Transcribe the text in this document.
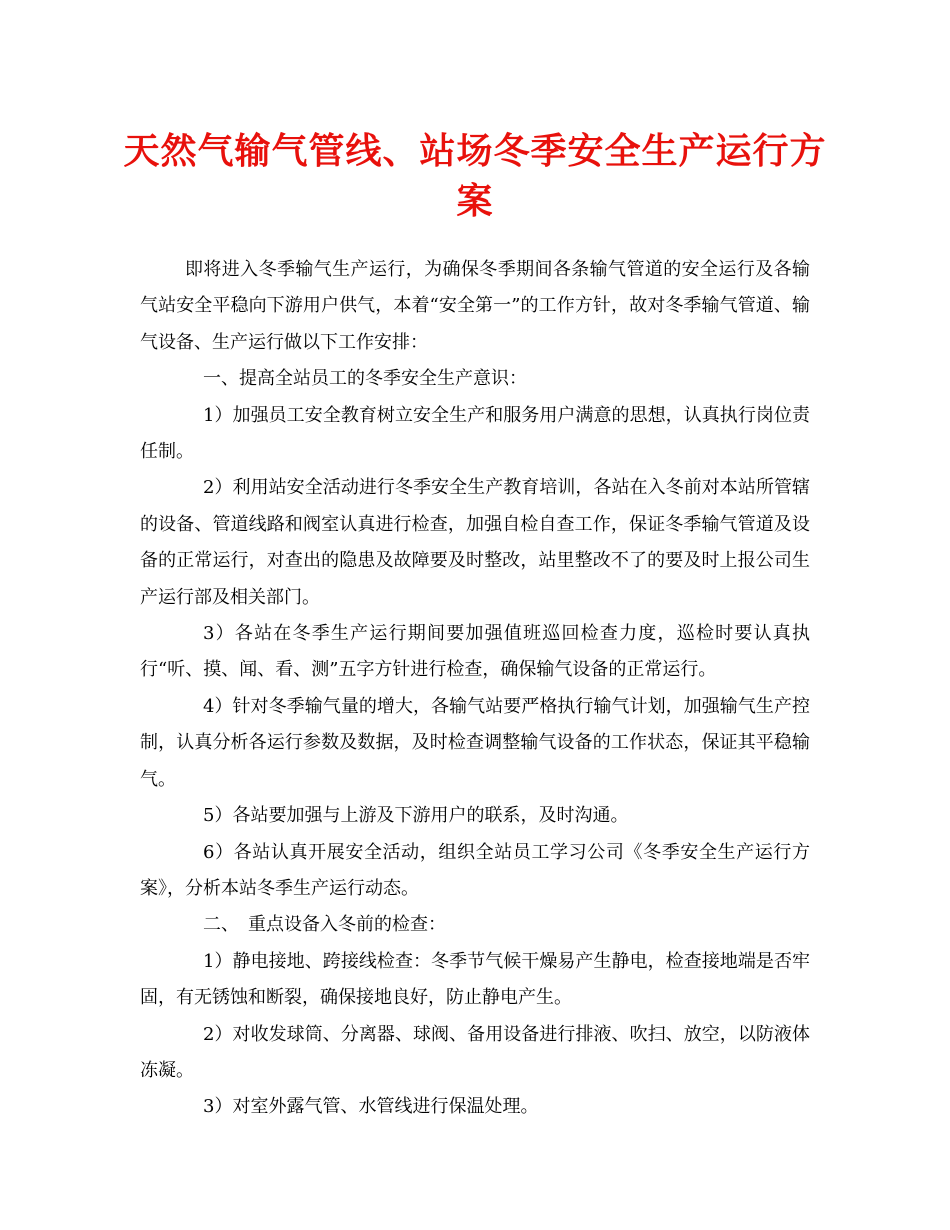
天然气输气管线、站场冬季安全生产运行方案

即将进入冬季输气生产运行，为确保冬季期间各条输气管道的安全运行及各输气站安全平稳向下游用户供气，本着“安全第一”的工作方针，故对冬季输气管道、输气设备、生产运行做以下工作安排：

一、提高全站员工的冬季安全生产意识：

1）加强员工安全教育树立安全生产和服务用户满意的思想，认真执行岗位责任制。

2）利用站安全活动进行冬季安全生产教育培训，各站在入冬前对本站所管辖的设备、管道线路和阀室认真进行检查，加强自检自查工作，保证冬季输气管道及设备的正常运行，对查出的隐患及故障要及时整改，站里整改不了的要及时上报公司生产运行部及相关部门。

3）各站在冬季生产运行期间要加强值班巡回检查力度，巡检时要认真执行“听、摸、闻、看、测”五字方针进行检查，确保输气设备的正常运行。

4）针对冬季输气量的增大，各输气站要严格执行输气计划，加强输气生产控制，认真分析各运行参数及数据，及时检查调整输气设备的工作状态，保证其平稳输气。

5）各站要加强与上游及下游用户的联系，及时沟通。

6）各站认真开展安全活动，组织全站员工学习公司《冬季安全生产运行方案》，分析本站冬季生产运行动态。

二、　重点设备入冬前的检查：

1）静电接地、跨接线检查：冬季节气候干燥易产生静电，检查接地端是否牢固，有无锈蚀和断裂，确保接地良好，防止静电产生。

2）对收发球筒、分离器、球阀、备用设备进行排液、吹扫、放空，以防液体冻凝。

3）对室外露气管、水管线进行保温处理。
